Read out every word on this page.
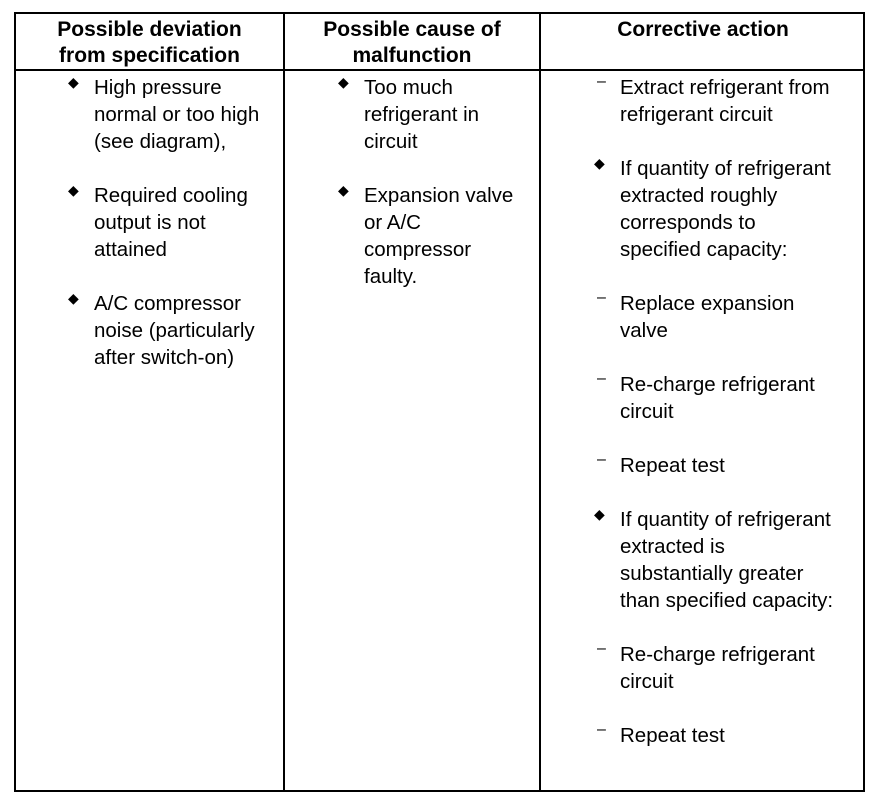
Possible deviation
from specification
Possible cause of
malfunction
Corrective action
◆ High pressure
normal or too high
(see diagram),
◆ Required cooling
output is not
attained
◆ A/C compressor
noise (particularly
after switch-on)
◆ Too much
refrigerant in
circuit
◆ Expansion valve
or A/C
compressor
faulty.
– Extract refrigerant from
refrigerant circuit
◆ If quantity of refrigerant
extracted roughly
corresponds to
specified capacity:
– Replace expansion
valve
– Re-charge refrigerant
circuit
– Repeat test
◆ If quantity of refrigerant
extracted is
substantially greater
than specified capacity:
– Re-charge refrigerant
circuit
– Repeat test
